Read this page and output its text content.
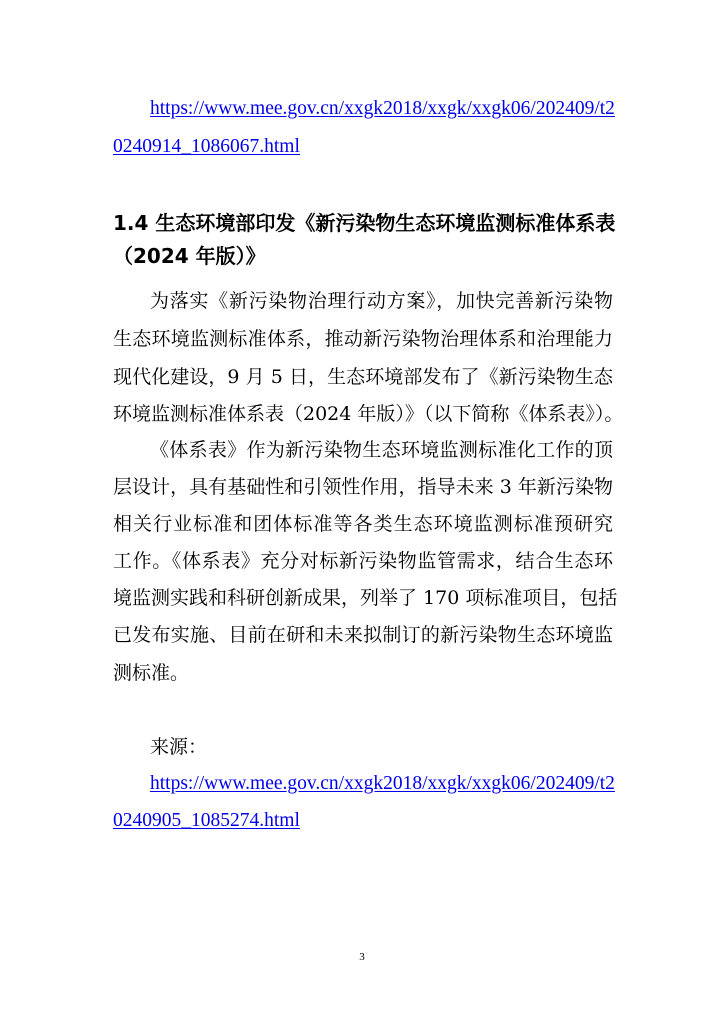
https://www.mee.gov.cn/xxgk2018/xxgk/xxgk06/202409/t2
0240914_1086067.html
1.4 生态环境部印发《新污染物生态环境监测标准体系表
（2024 年版）》
为落实《新污染物治理行动方案》，加快完善新污染物
生态环境监测标准体系，推动新污染物治理体系和治理能力
现代化建设，9 月 5 日，生态环境部发布了《新污染物生态
环境监测标准体系表（2024 年版）》（以下简称《体系表》）。
《体系表》作为新污染物生态环境监测标准化工作的顶
层设计，具有基础性和引领性作用，指导未来 3 年新污染物
相关行业标准和团体标准等各类生态环境监测标准预研究
工作。《体系表》充分对标新污染物监管需求，结合生态环
境监测实践和科研创新成果，列举了 170 项标准项目，包括
已发布实施、目前在研和未来拟制订的新污染物生态环境监
测标准。
来源：
https://www.mee.gov.cn/xxgk2018/xxgk/xxgk06/202409/t2
0240905_1085274.html
3
